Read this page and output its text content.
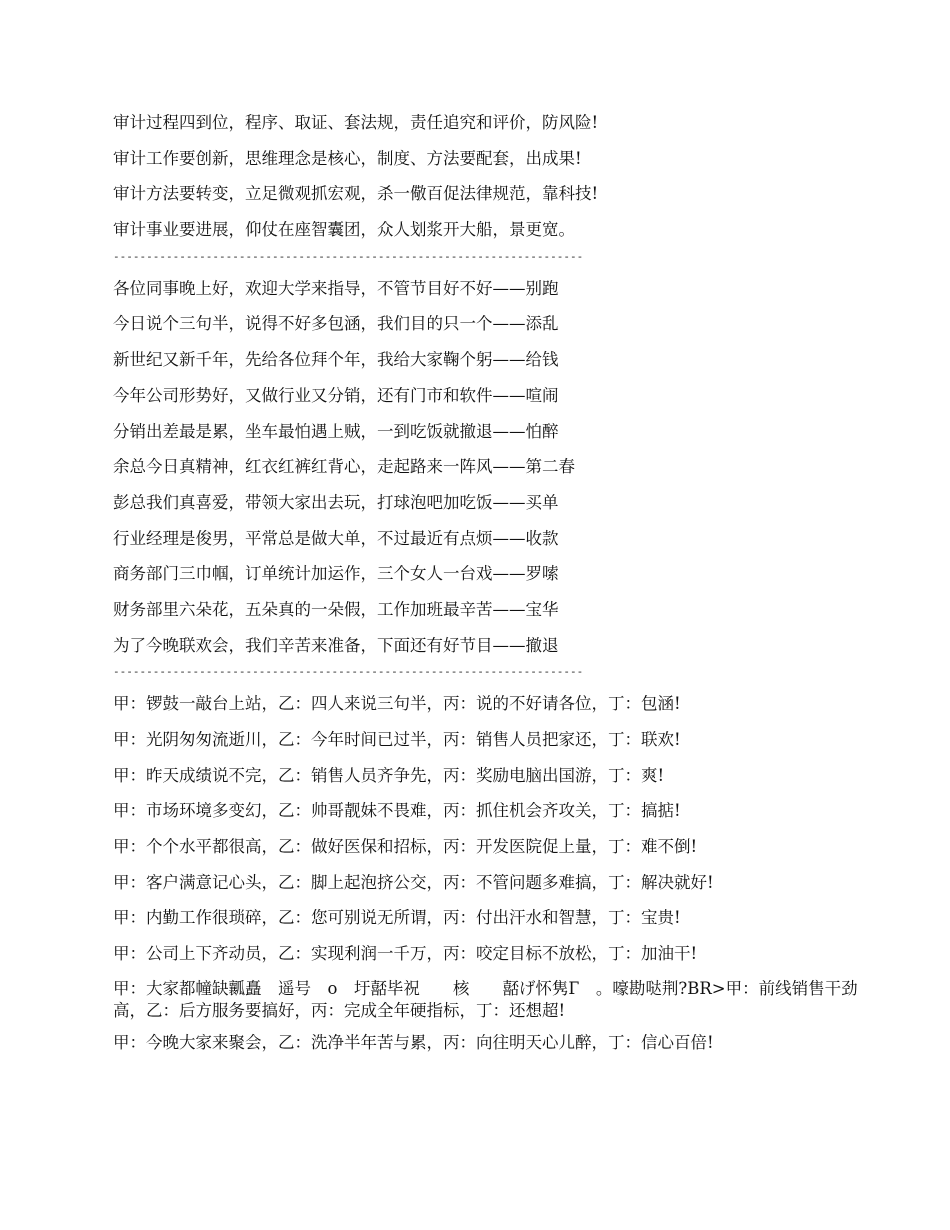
审计过程四到位，程序、取证、套法规，责任追究和评价，防风险!
审计工作要创新，思维理念是核心，制度、方法要配套，出成果!
审计方法要转变，立足微观抓宏观，杀一儆百促法律规范，靠科技!
审计事业要进展，仰仗在座智囊团，众人划浆开大船，景更宽。
-----------------------------------------------------------------------
各位同事晚上好，欢迎大学来指导，不管节目好不好——别跑
今日说个三句半，说得不好多包涵，我们目的只一个——添乱
新世纪又新千年，先给各位拜个年，我给大家鞠个躬——给钱
今年公司形势好，又做行业又分销，还有门市和软件——喧闹
分销出差最是累，坐车最怕遇上贼，一到吃饭就撤退——怕醉
余总今日真精神，红衣红裤红背心，走起路来一阵风——第二春
彭总我们真喜爱，带领大家出去玩，打球泡吧加吃饭——买单
行业经理是俊男，平常总是做大单，不过最近有点烦——收款
商务部门三巾帼，订单统计加运作，三个女人一台戏——罗嗦
财务部里六朵花，五朵真的一朵假，工作加班最辛苦——宝华
为了今晚联欢会，我们辛苦来准备，下面还有好节目——撤退
-----------------------------------------------------------------------
甲：锣鼓一敲台上站，乙：四人来说三句半，丙：说的不好请各位，丁：包涵!
甲：光阴匆匆流逝川，乙：今年时间已过半，丙：销售人员把家还，丁：联欢!
甲：昨天成绩说不完，乙：销售人员齐争先，丙：奖励电脑出国游，丁：爽!
甲：市场环境多变幻，乙：帅哥靓妹不畏难，丙：抓住机会齐攻关，丁：搞掂!
甲：个个水平都很高，乙：做好医保和招标，丙：开发医院促上量，丁：难不倒!
甲：客户满意记心头，乙：脚上起泡挤公交，丙：不管问题多难搞，丁：解决就好!
甲：内勤工作很琐碎，乙：您可别说无所谓，丙：付出汗水和智慧，丁：宝贵!
甲：公司上下齐动员，乙：实现利润一千万，丙：咬定目标不放松，丁：加油干!
甲：大家都幢缺瓤矗　遥号　o　圩嚭毕祝　　核　　嚭げ怀隽Г　。嚎勘哒荆?BR>甲：前线销售干劲高，乙：后方服务要搞好，丙：完成全年硬指标，丁：还想超!
甲：今晚大家来聚会，乙：洗净半年苦与累，丙：向往明天心儿醉，丁：信心百倍!
